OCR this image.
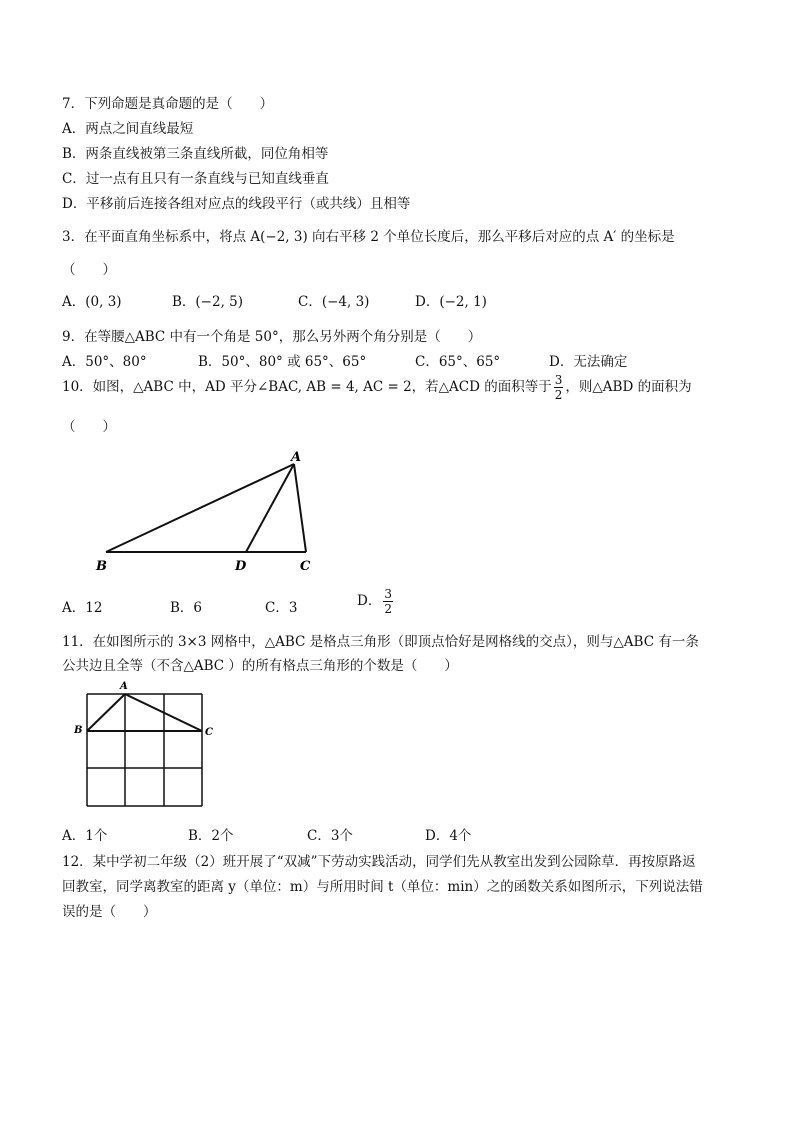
7．下列命题是真命题的是（　　）
A．两点之间直线最短
B．两条直线被第三条直线所截，同位角相等
C．过一点有且只有一条直线与已知直线垂直
D．平移前后连接各组对应点的线段平行（或共线）且相等
3．在平面直角坐标系中，将点 A(−2, 3) 向右平移 2 个单位长度后，那么平移后对应的点 A′ 的坐标是
（　　）
A．(0, 3)	B．(−2, 5)	C．(−4, 3)	D．(−2, 1)
9．在等腰△ABC 中有一个角是 50°，那么另外两个角分别是（　　）
A．50°、80°	B．50°、80° 或 65°、65°	C．65°、65°	D．无法确定
10．如图，△ABC 中，AD 平分∠BAC, AB = 4, AC = 2，若△ACD 的面积等于 $\frac{3}{2}$ ，则△ABD 的面积为
（　　）
A
B	D	C
A．12	B．6	C．3	D． $\frac{3}{2}$
11．在如图所示的 3×3 网格中，△ABC 是格点三角形（即顶点恰好是网格线的交点），则与△ABC 有一条
公共边且全等（不含△ABC ）的所有格点三角形的个数是（　　）
A
B	C
A．1个	B．2个	C．3个	D．4个
12．某中学初二年级（2）班开展了“双减”下劳动实践活动，同学们先从教室出发到公园除草．再按原路返
回教室，同学离教室的距离 y（单位：m）与所用时间 t（单位：min）之的函数关系如图所示，下列说法错
误的是（　　）
